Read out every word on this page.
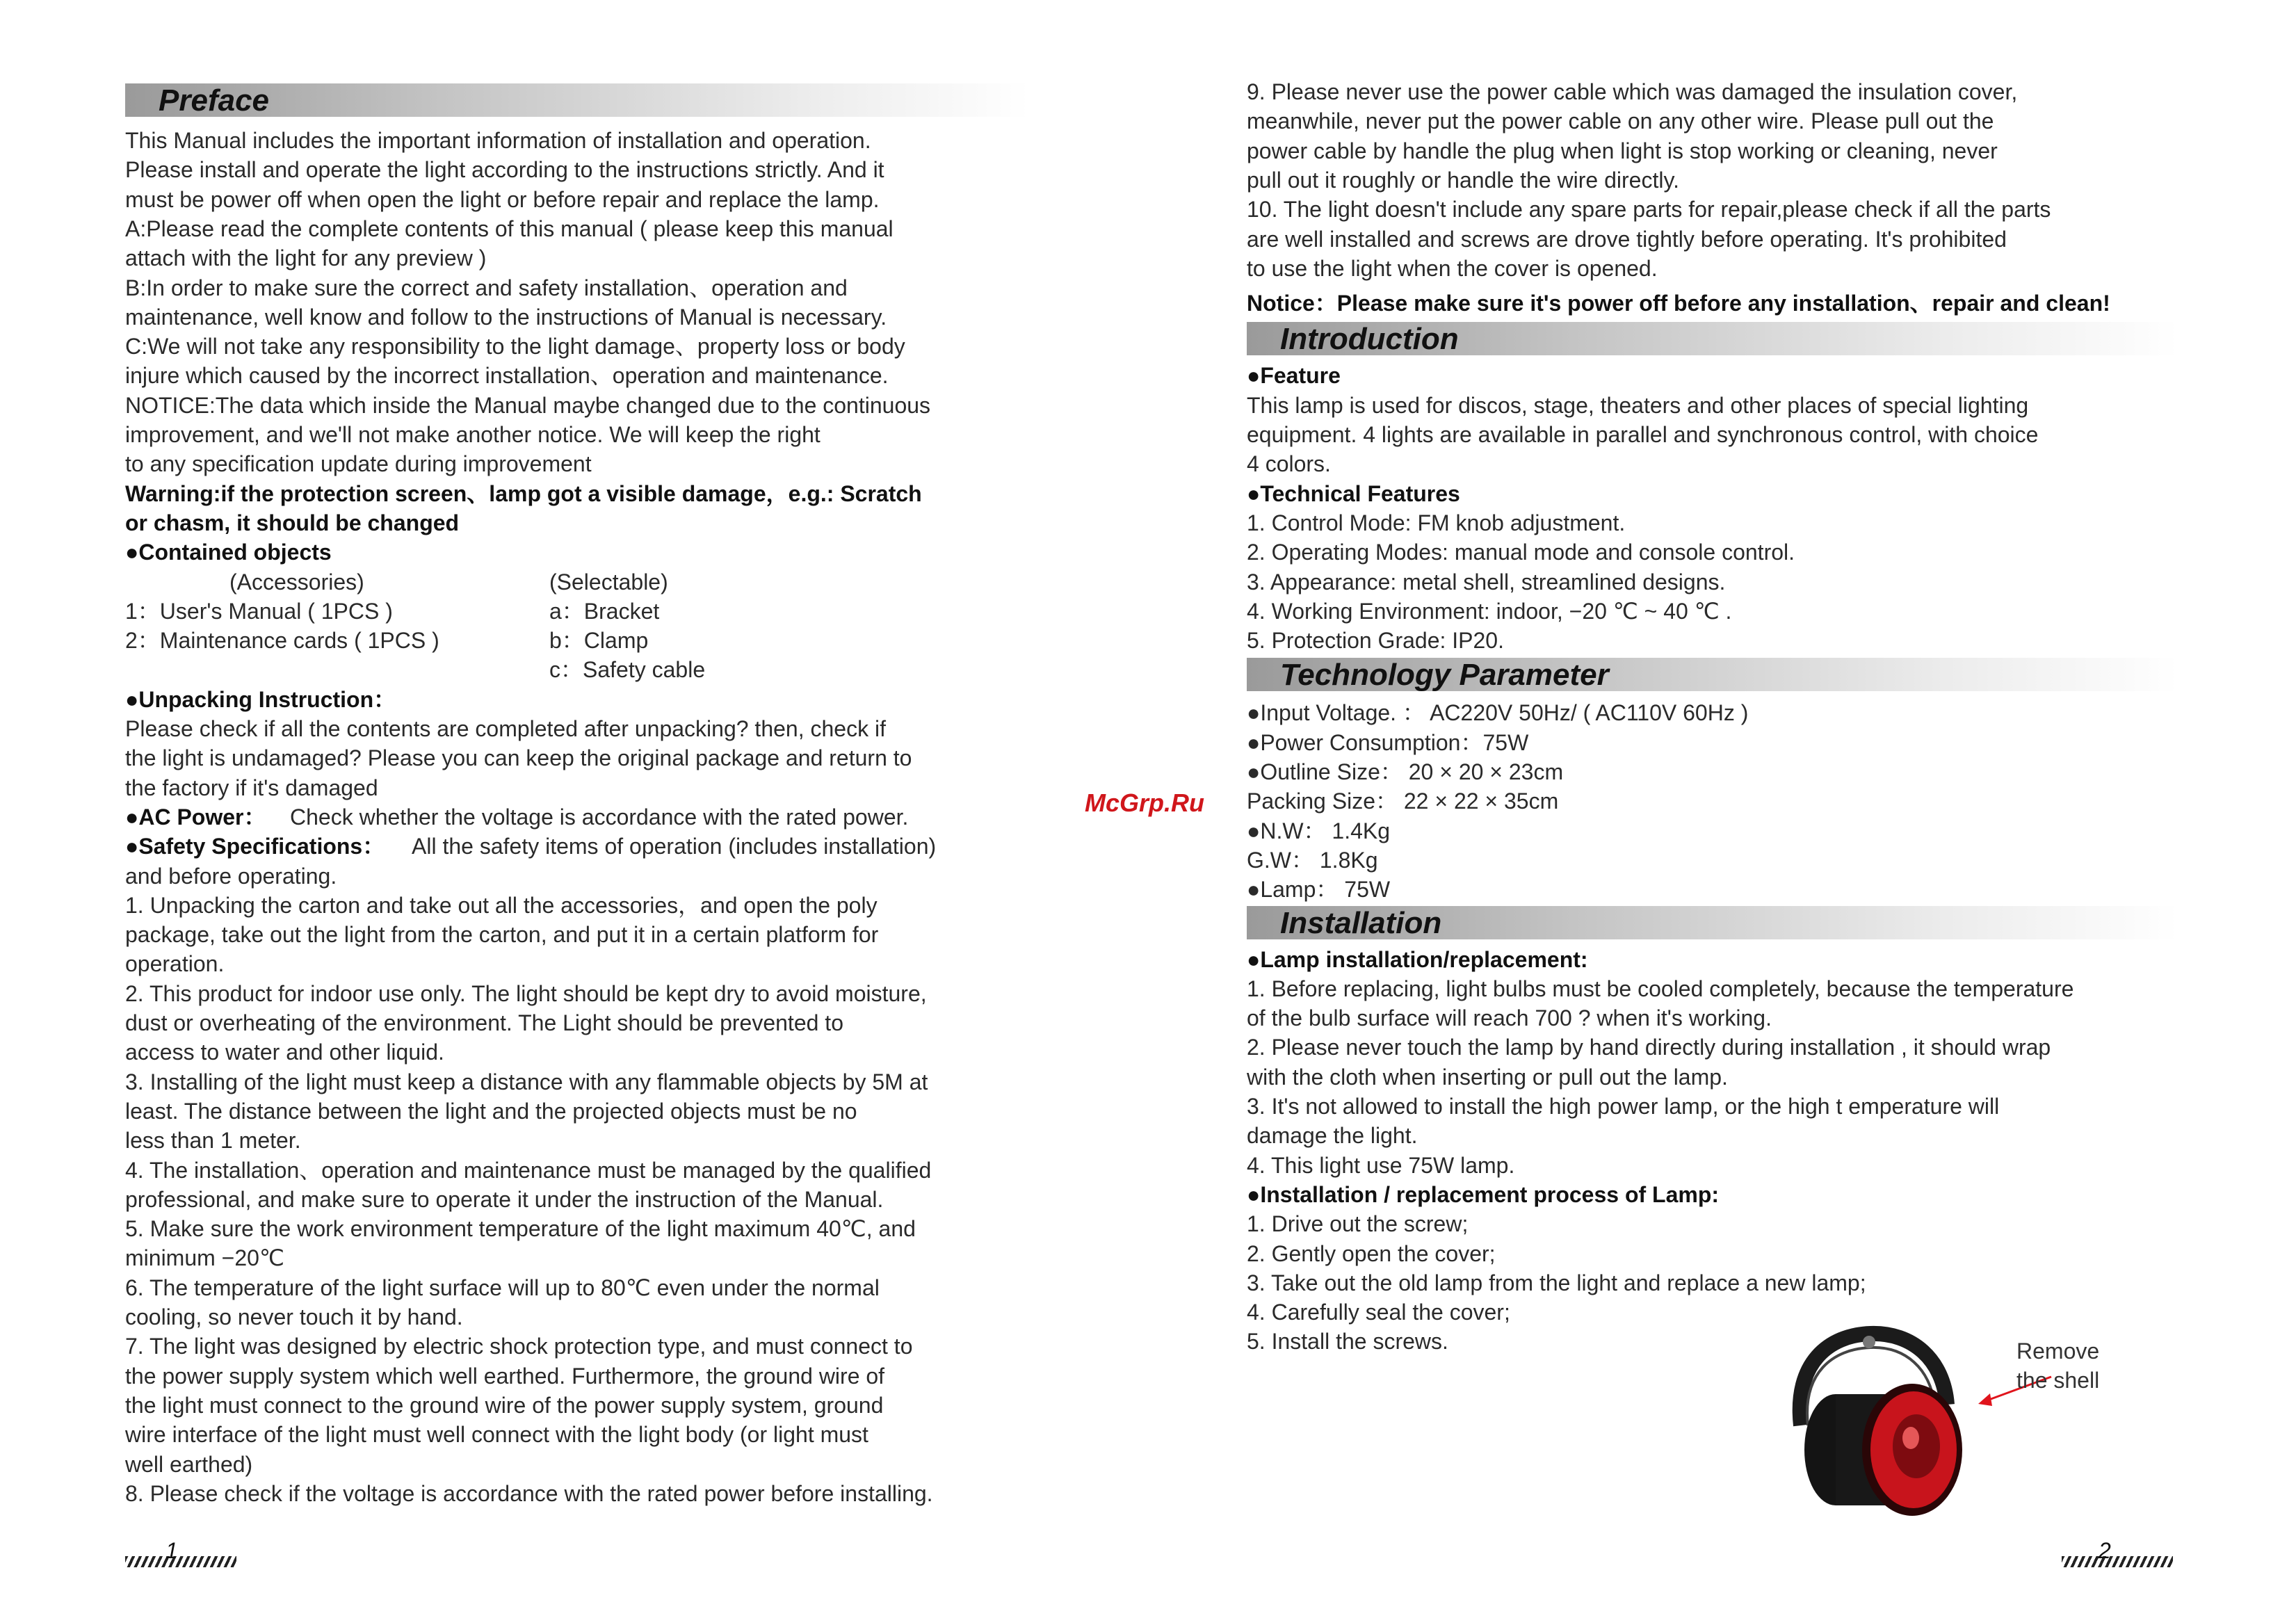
Preface
This Manual includes the important information of installation and operation.
Please install and operate the light according to the instructions strictly. And it
must be power off when open the light or before repair and replace the lamp.
A:Please read the complete contents of this manual ( please keep this manual
attach with the light for any preview )
B:In order to make sure the correct and safety installation、operation and
maintenance, well know and follow to the instructions of Manual is necessary.
C:We will not take any responsibility to the light damage、property loss or body
injure which caused by the incorrect installation、operation and maintenance.
NOTICE:The data which inside the Manual maybe changed due to the continuous
improvement, and we'll not make another notice. We will keep the right
to any specification update during improvement
Warning:if the protection screen、lamp got a visible damage，e.g.: Scratch
or chasm, it should be changed
●Contained objects
(Accessories)	(Selectable)
1：User's Manual ( 1PCS )
2：Maintenance cards ( 1PCS )
a：Bracket
b：Clamp
c：Safety cable
●Unpacking Instruction：
Please check if all the contents are completed after unpacking? then, check if
the light is undamaged? Please you can keep the original package and return to
the factory if it's damaged
●AC Power： Check whether the voltage is accordance with the rated power.
●Safety Specifications： All the safety items of operation (includes installation)
and before operating.
1. Unpacking the carton and take out all the accessories，and open the poly
package, take out the light from the carton, and put it in a certain platform for
operation.
2. This product for indoor use only. The light should be kept dry to avoid moisture,
dust or overheating of the environment. The Light should be prevented to
access to water and other liquid.
3. Installing of the light must keep a distance with any flammable objects by 5M at
least. The distance between the light and the projected objects must be no
less than 1 meter.
4. The installation、operation and maintenance must be managed by the qualified
professional, and make sure to operate it under the instruction of the Manual.
5. Make sure the work environment temperature of the light maximum 40℃, and
minimum −20℃
6. The temperature of the light surface will up to 80℃ even under the normal
cooling, so never touch it by hand.
7. The light was designed by electric shock protection type, and must connect to
the power supply system which well earthed. Furthermore, the ground wire of
the light must connect to the ground wire of the power supply system, ground
wire interface of the light must well connect with the light body (or light must
well earthed)
8. Please check if the voltage is accordance with the rated power before installing.
9. Please never use the power cable which was damaged the insulation cover,
meanwhile, never put the power cable on any other wire. Please pull out the
power cable by handle the plug when light is stop working or cleaning, never
pull out it roughly or handle the wire directly.
10. The light doesn't include any spare parts for repair,please check if all the parts
are well installed and screws are drove tightly before operating. It's prohibited
to use the light when the cover is opened.
Notice：Please make sure it's power off before any installation、repair and clean!
Introduction
●Feature
This lamp is used for discos, stage, theaters and other places of special lighting
equipment. 4 lights are available in parallel and synchronous control, with choice
4 colors.
●Technical Features
1. Control Mode: FM knob adjustment.
2. Operating Modes: manual mode and console control.
3. Appearance: metal shell, streamlined designs.
4. Working Environment: indoor, −20 ℃ ~ 40 ℃ .
5. Protection Grade: IP20.
Technology Parameter
●Input Voltage. ： AC220V 50Hz/ ( AC110V 60Hz )
●Power Consumption：75W
●Outline Size： 20 × 20 × 23cm
Packing Size： 22 × 22 × 35cm
●N.W： 1.4Kg
G.W： 1.8Kg
●Lamp： 75W
Installation
●Lamp installation/replacement:
1. Before replacing, light bulbs must be cooled completely, because the temperature
of the bulb surface will reach 700 ? when it's working.
2. Please never touch the lamp by hand directly during installation , it should wrap
with the cloth when inserting or pull out the lamp.
3. It's not allowed to install the high power lamp, or the high t emperature will
damage the light.
4. This light use 75W lamp.
●Installation / replacement process of Lamp:
1. Drive out the screw;
2. Gently open the cover;
3. Take out the old lamp from the light and replace a new lamp;
4. Carefully seal the cover;
5. Install the screws.
McGrp.Ru
Remove
the shell
1	2
